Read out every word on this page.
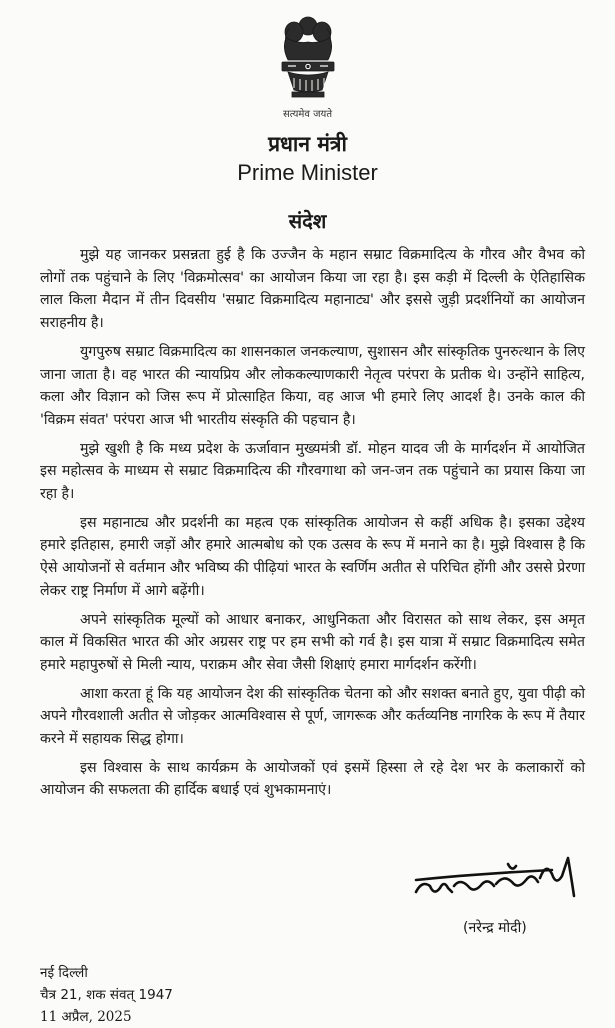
सत्यमेव जयते
प्रधान मंत्री
Prime Minister
संदेश

मुझे यह जानकर प्रसन्नता हुई है कि उज्जैन के महान सम्राट विक्रमादित्य के गौरव और वैभव को लोगों तक पहुंचाने के लिए 'विक्रमोत्सव' का आयोजन किया जा रहा है। इस कड़ी में दिल्ली के ऐतिहासिक लाल किला मैदान में तीन दिवसीय 'सम्राट विक्रमादित्य महानाट्य' और इससे जुड़ी प्रदर्शनियों का आयोजन सराहनीय है।

युगपुरुष सम्राट विक्रमादित्य का शासनकाल जनकल्याण, सुशासन और सांस्कृतिक पुनरुत्थान के लिए जाना जाता है। वह भारत की न्यायप्रिय और लोककल्याणकारी नेतृत्व परंपरा के प्रतीक थे। उन्होंने साहित्य, कला और विज्ञान को जिस रूप में प्रोत्साहित किया, वह आज भी हमारे लिए आदर्श है। उनके काल की 'विक्रम संवत' परंपरा आज भी भारतीय संस्कृति की पहचान है।

मुझे खुशी है कि मध्य प्रदेश के ऊर्जावान मुख्यमंत्री डॉ. मोहन यादव जी के मार्गदर्शन में आयोजित इस महोत्सव के माध्यम से सम्राट विक्रमादित्य की गौरवगाथा को जन-जन तक पहुंचाने का प्रयास किया जा रहा है।

इस महानाट्य और प्रदर्शनी का महत्व एक सांस्कृतिक आयोजन से कहीं अधिक है। इसका उद्देश्य हमारे इतिहास, हमारी जड़ों और हमारे आत्मबोध को एक उत्सव के रूप में मनाने का है। मुझे विश्वास है कि ऐसे आयोजनों से वर्तमान और भविष्य की पीढ़ियां भारत के स्वर्णिम अतीत से परिचित होंगी और उससे प्रेरणा लेकर राष्ट्र निर्माण में आगे बढ़ेंगी।

अपने सांस्कृतिक मूल्यों को आधार बनाकर, आधुनिकता और विरासत को साथ लेकर, इस अमृत काल में विकसित भारत की ओर अग्रसर राष्ट्र पर हम सभी को गर्व है। इस यात्रा में सम्राट विक्रमादित्य समेत हमारे महापुरुषों से मिली न्याय, पराक्रम और सेवा जैसी शिक्षाएं हमारा मार्गदर्शन करेंगी।

आशा करता हूं कि यह आयोजन देश की सांस्कृतिक चेतना को और सशक्त बनाते हुए, युवा पीढ़ी को अपने गौरवशाली अतीत से जोड़कर आत्मविश्वास से पूर्ण, जागरूक और कर्तव्यनिष्ठ नागरिक के रूप में तैयार करने में सहायक सिद्ध होगा।

इस विश्वास के साथ कार्यक्रम के आयोजकों एवं इसमें हिस्सा ले रहे देश भर के कलाकारों को आयोजन की सफलता की हार्दिक बधाई एवं शुभकामनाएं।

(नरेन्द्र मोदी)
नई दिल्ली
चैत्र 21, शक संवत् 1947
11 अप्रैल, 2025
